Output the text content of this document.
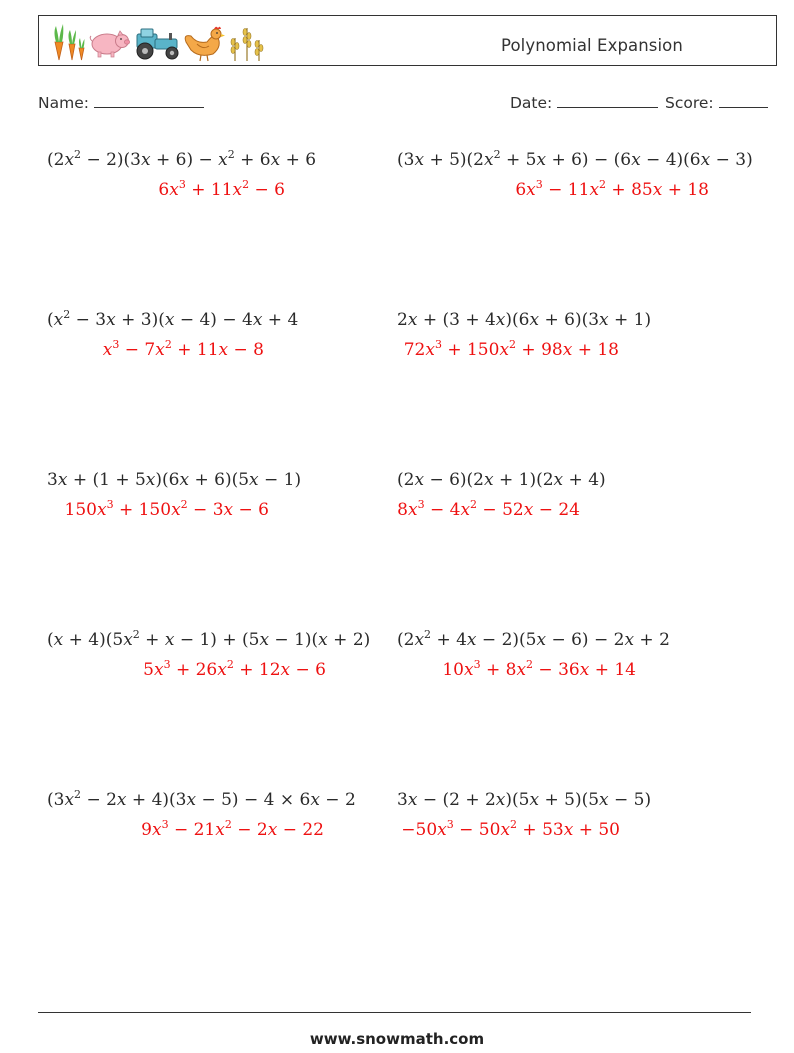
Polynomial Expansion
Name:	Date:	Score:
$(2x^2 - 2)(3x + 6) - x^2 + 6x + 6$
$6x^3 + 11x^2 - 6$
$(3x + 5)(2x^2 + 5x + 6) - (6x - 4)(6x - 3)$
$6x^3 - 11x^2 + 85x + 18$
$(x^2 - 3x + 3)(x - 4) - 4x + 4$
$x^3 - 7x^2 + 11x - 8$
2x + (3 + 4x)(6x + 6)(3x + 1)
$72x^3 + 150x^2 + 98x + 18$
3x + (1 + 5x)(6x + 6)(5x − 1)
$150x^3 + 150x^2 - 3x - 6$
(2x − 6)(2x + 1)(2x + 4)
$8x^3 - 4x^2 - 52x - 24$
$(x + 4)(5x^2 + x - 1) + (5x - 1)(x + 2)$
$5x^3 + 26x^2 + 12x - 6$
$(2x^2 + 4x - 2)(5x - 6) - 2x + 2$
$10x^3 + 8x^2 - 36x + 14$
$(3x^2 - 2x + 4)(3x - 5) - 4 \times 6x - 2$
$9x^3 - 21x^2 - 2x - 22$
3x − (2 + 2x)(5x + 5)(5x − 5)
$-50x^3 - 50x^2 + 53x + 50$
www.snowmath.com
